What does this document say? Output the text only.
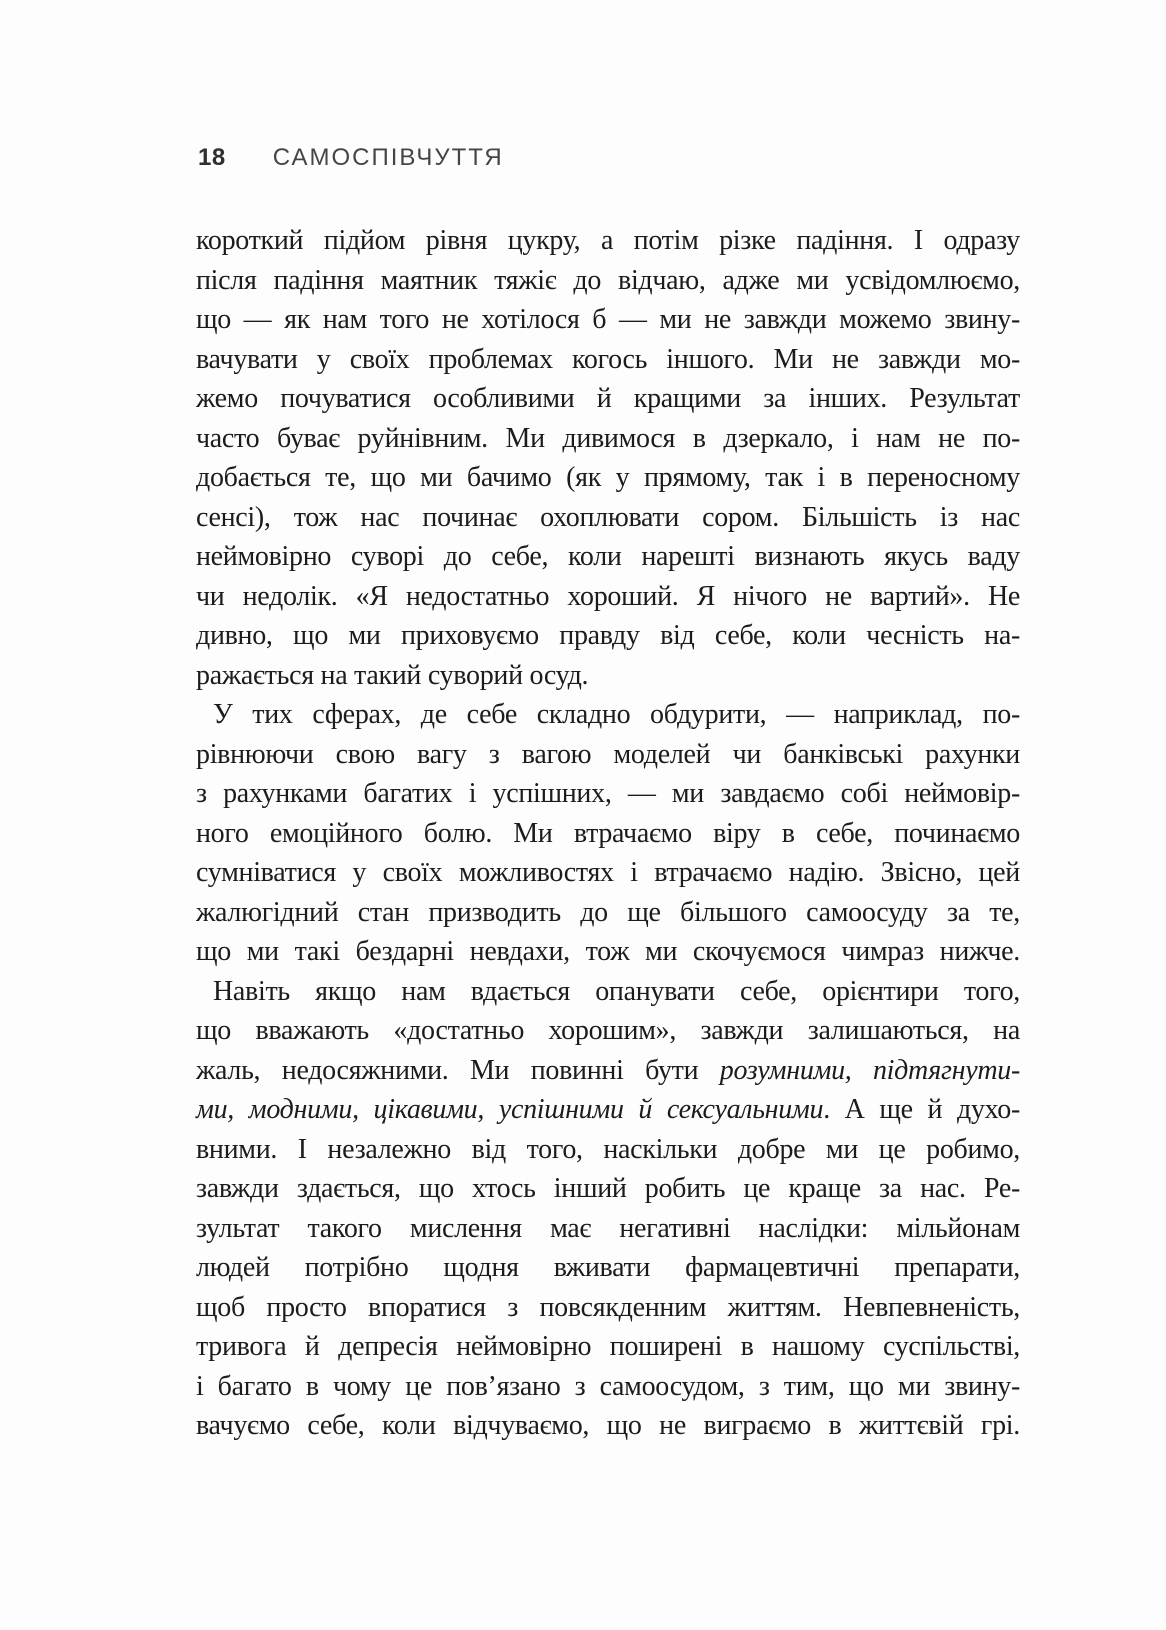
18 САМОСПІВЧУТТЯ
короткий підйом рівня цукру, а потім різке падіння. І одразу
після падіння маятник тяжіє до відчаю, адже ми усвідомлюємо,
що — як нам того не хотілося б — ми не завжди можемо звину-
вачувати у своїх проблемах когось іншого. Ми не завжди мо-
жемо почуватися особливими й кращими за інших. Результат
часто буває руйнівним. Ми дивимося в дзеркало, і нам не по-
добається те, що ми бачимо (як у прямому, так і в переносному
сенсі), тож нас починає охоплювати сором. Більшість із нас
неймовірно суворі до себе, коли нарешті визнають якусь ваду
чи недолік. «Я недостатньо хороший. Я нічого не вартий». Не
дивно, що ми приховуємо правду від себе, коли чесність на-
ражається на такий суворий осуд.
У тих сферах, де себе складно обдурити, — наприклад, по-
рівнюючи свою вагу з вагою моделей чи банківські рахунки
з рахунками багатих і успішних, — ми завдаємо собі неймовір-
ного емоційного болю. Ми втрачаємо віру в себе, починаємо
сумніватися у своїх можливостях і втрачаємо надію. Звісно, цей
жалюгідний стан призводить до ще більшого самоосуду за те,
що ми такі бездарні невдахи, тож ми скочуємося чимраз нижче.
Навіть якщо нам вдається опанувати себе, орієнтири того,
що вважають «достатньо хорошим», завжди залишаються, на
жаль, недосяжними. Ми повинні бути розумними, підтягнути-
ми, модними, цікавими, успішними й сексуальними. А ще й духо-
вними. І незалежно від того, наскільки добре ми це робимо,
завжди здається, що хтось інший робить це краще за нас. Ре-
зультат такого мислення має негативні наслідки: мільйонам
людей потрібно щодня вживати фармацевтичні препарати,
щоб просто впоратися з повсякденним життям. Невпевненість,
тривога й депресія неймовірно поширені в нашому суспільстві,
і багато в чому це пов’язано з самоосудом, з тим, що ми звину-
вачуємо себе, коли відчуваємо, що не виграємо в життєвій грі.
